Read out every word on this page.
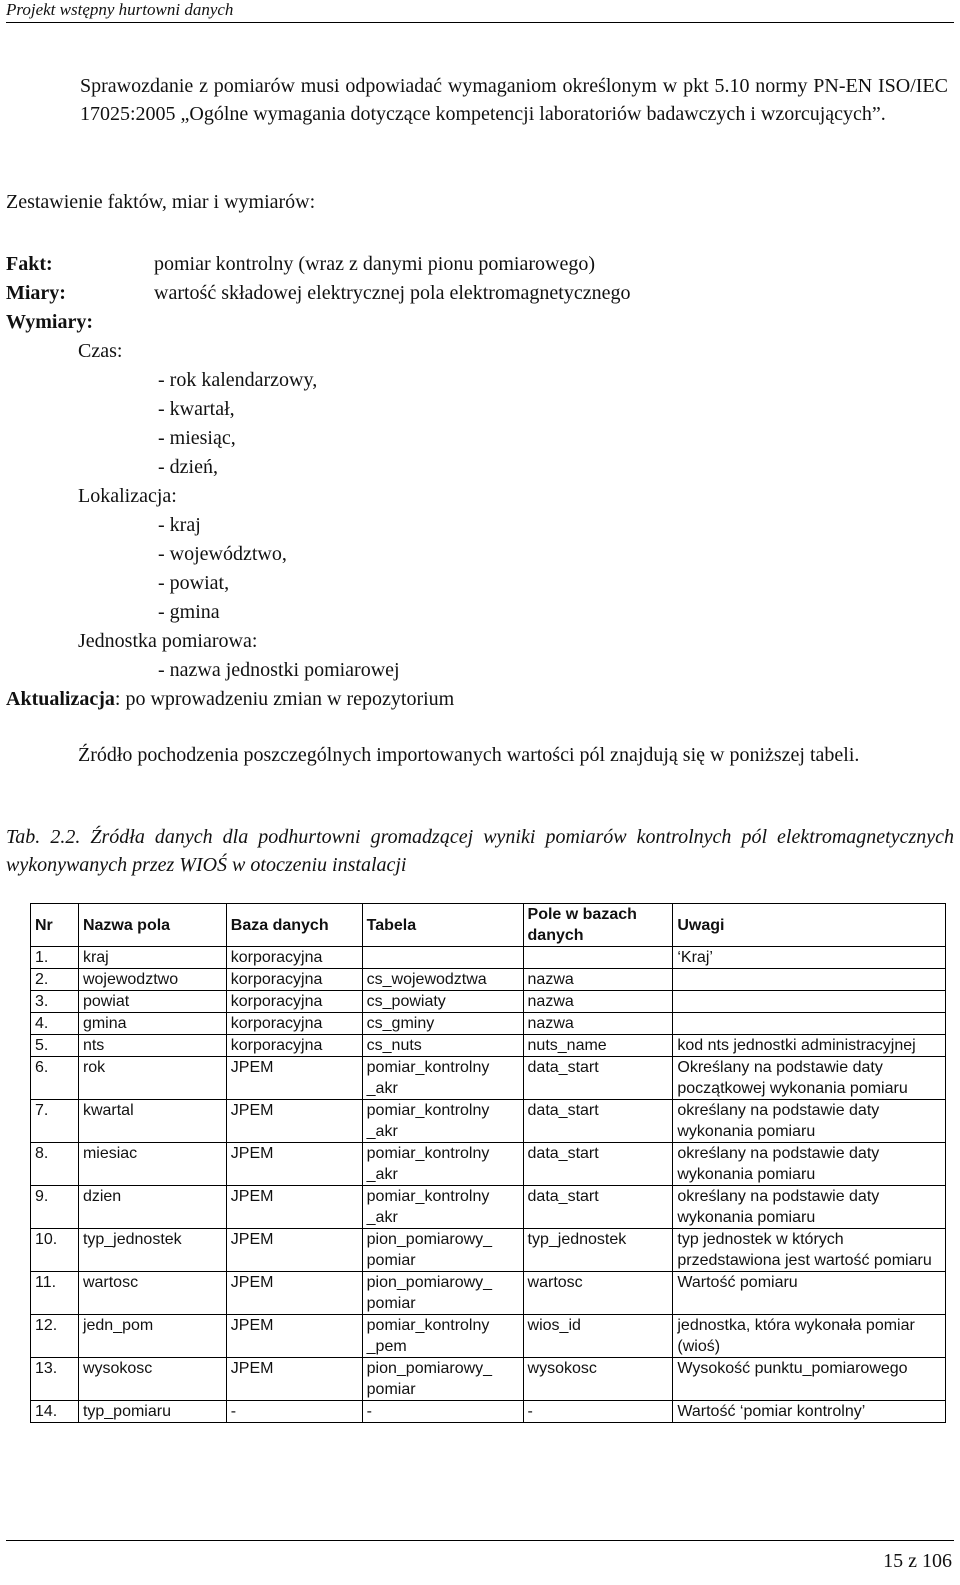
Projekt wstępny hurtowni danych
Sprawozdanie z pomiarów musi odpowiadać wymaganiom określonym w pkt 5.10 normy PN-EN ISO/IEC 17025:2005 „Ogólne wymagania dotyczące kompetencji laboratoriów badawczych i wzorcujących”.
Zestawienie faktów, miar i wymiarów:
Fakt:	pomiar kontrolny (wraz z danymi pionu pomiarowego)
Miary:	wartość składowej elektrycznej pola elektromagnetycznego
Wymiary:
Czas:
- rok kalendarzowy,
- kwartał,
- miesiąc,
- dzień,
Lokalizacja:
- kraj
- województwo,
- powiat,
- gmina
Jednostka pomiarowa:
- nazwa jednostki pomiarowej
Aktualizacja: po wprowadzeniu zmian w repozytorium
Źródło pochodzenia poszczególnych importowanych wartości pól znajdują się w poniższej tabeli.
Tab. 2.2. Źródła danych dla podhurtowni gromadzącej wyniki pomiarów kontrolnych pól elektromagnetycznych wykonywanych przez WIOŚ w otoczeniu instalacji
Nr	Nazwa pola	Baza danych	Tabela	Pole w bazach danych	Uwagi
1.	kraj	korporacyjna			‘Kraj’
2.	wojewodztwo	korporacyjna	cs_wojewodztwa	nazwa	
3.	powiat	korporacyjna	cs_powiaty	nazwa	
4.	gmina	korporacyjna	cs_gminy	nazwa	
5.	nts	korporacyjna	cs_nuts	nuts_name	kod nts jednostki administracyjnej
6.	rok	JPEM	pomiar_kontrolny _akr	data_start	Określany na podstawie daty początkowej wykonania pomiaru
7.	kwartal	JPEM	pomiar_kontrolny _akr	data_start	określany na podstawie daty wykonania pomiaru
8.	miesiac	JPEM	pomiar_kontrolny _akr	data_start	określany na podstawie daty wykonania pomiaru
9.	dzien	JPEM	pomiar_kontrolny _akr	data_start	określany na podstawie daty wykonania pomiaru
10.	typ_jednostek	JPEM	pion_pomiarowy_ pomiar	typ_jednostek	typ jednostek w których przedstawiona jest wartość pomiaru
11.	wartosc	JPEM	pion_pomiarowy_ pomiar	wartosc	Wartość pomiaru
12.	jedn_pom	JPEM	pomiar_kontrolny _pem	wios_id	jednostka, która wykonała pomiar (wioś)
13.	wysokosc	JPEM	pion_pomiarowy_ pomiar	wysokosc	Wysokość punktu_pomiarowego
14.	typ_pomiaru	-	-	-	Wartość ‘pomiar kontrolny’
15 z 106
